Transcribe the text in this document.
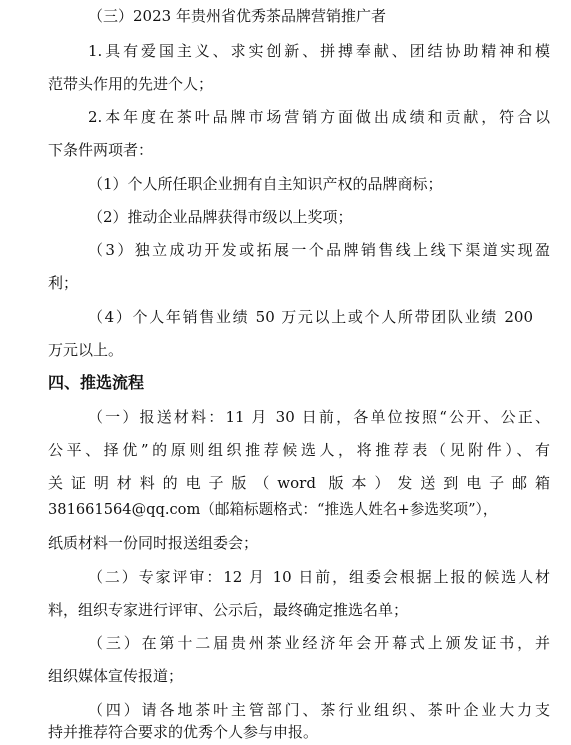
（三）2023 年贵州省优秀茶品牌营销推广者
1.具有爱国主义、求实创新、拼搏奉献、团结协助精神和模
范带头作用的先进个人；
2.本年度在茶叶品牌市场营销方面做出成绩和贡献，符合以
下条件两项者：
（1）个人所任职企业拥有自主知识产权的品牌商标；
（2）推动企业品牌获得市级以上奖项；
（3）独立成功开发或拓展一个品牌销售线上线下渠道实现盈
利；
（4）个人年销售业绩 50 万元以上或个人所带团队业绩 200
万元以上。
四、推选流程
（一）报送材料：11 月 30 日前，各单位按照“公开、公正、
公平、择优”的原则组织推荐候选人，将推荐表（见附件）、有
关证明材料的电子版（word 版本）发送到电子邮箱
381661564@qq.com（邮箱标题格式：“推选人姓名+参选奖项”），
纸质材料一份同时报送组委会；
（二）专家评审：12 月 10 日前，组委会根据上报的候选人材
料，组织专家进行评审、公示后，最终确定推选名单；
（三）在第十二届贵州茶业经济年会开幕式上颁发证书，并
组织媒体宣传报道；
（四）请各地茶叶主管部门、茶行业组织、茶叶企业大力支
持并推荐符合要求的优秀个人参与申报。
